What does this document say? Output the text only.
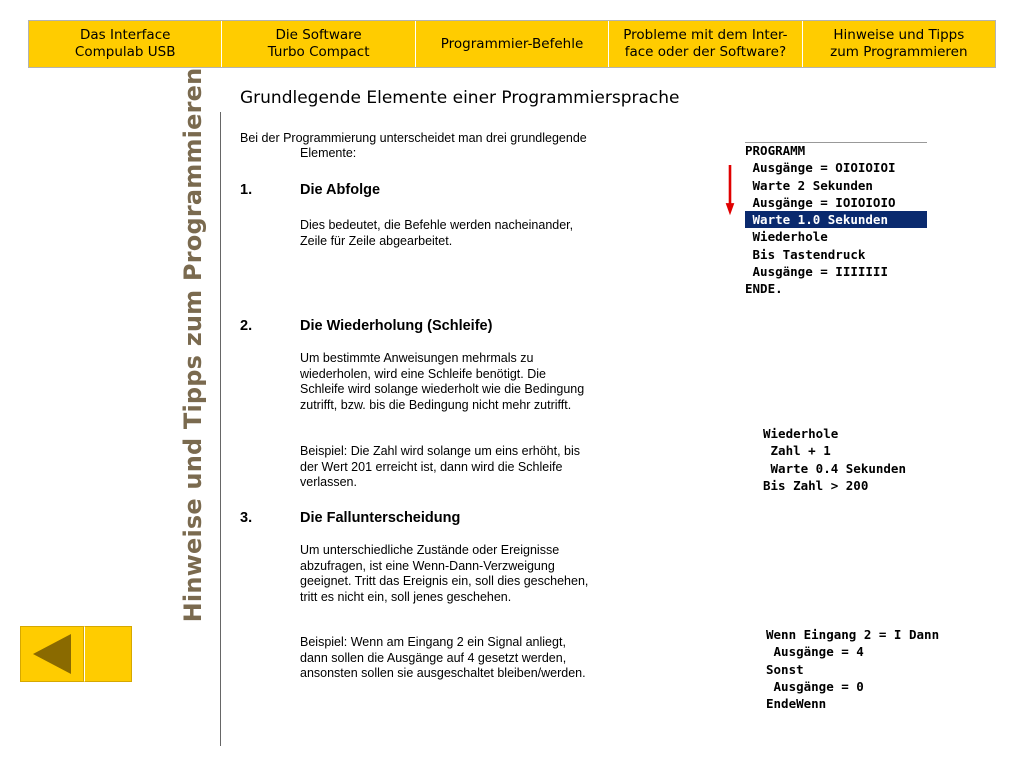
Das Interface
Compulab USB
Die Software
Turbo Compact
Programmier-Befehle
Probleme mit dem Inter-
face oder der Software?
Hinweise und Tipps
zum Programmieren
Hinweise und Tipps zum Programmieren Grundlegende Elemente einer Programmiersprache
Bei der Programmierung unterscheidet man drei grundlegende Elemente:
1.	Die Abfolge
Dies bedeutet, die Befehle werden nacheinander, Zeile für Zeile abgearbeitet.
2.	Die Wiederholung (Schleife)
Um bestimmte Anweisungen mehrmals zu wiederholen, wird eine Schleife benötigt. Die Schleife wird solange wiederholt wie die Bedingung zutrifft, bzw. bis die Bedingung nicht mehr zutrifft.
Beispiel: Die Zahl wird solange um eins erhöht, bis der Wert 201 erreicht ist, dann wird die Schleife verlassen.
3.	Die Fallunterscheidung
Um unterschiedliche Zustände oder Ereignisse abzufragen, ist eine Wenn-Dann-Verzweigung geeignet. Tritt das Ereignis ein, soll dies geschehen, tritt es nicht ein, soll jenes geschehen.
Beispiel: Wenn am Eingang 2 ein Signal anliegt, dann sollen die Ausgänge auf 4 gesetzt werden, ansonsten sollen sie ausgeschaltet bleiben/werden.
PROGRAMM
Ausgänge = OIOIOIOI
Warte 2 Sekunden
Ausgänge = IOIOIOIO
Warte 1.0 Sekunden
Wiederhole
Bis Tastendruck
Ausgänge = IIIIIII
ENDE.
Wiederhole
Zahl + 1
Warte 0.4 Sekunden
Bis Zahl > 200
Wenn Eingang 2 = I Dann
Ausgänge = 4
Sonst
Ausgänge = 0
EndeWenn
